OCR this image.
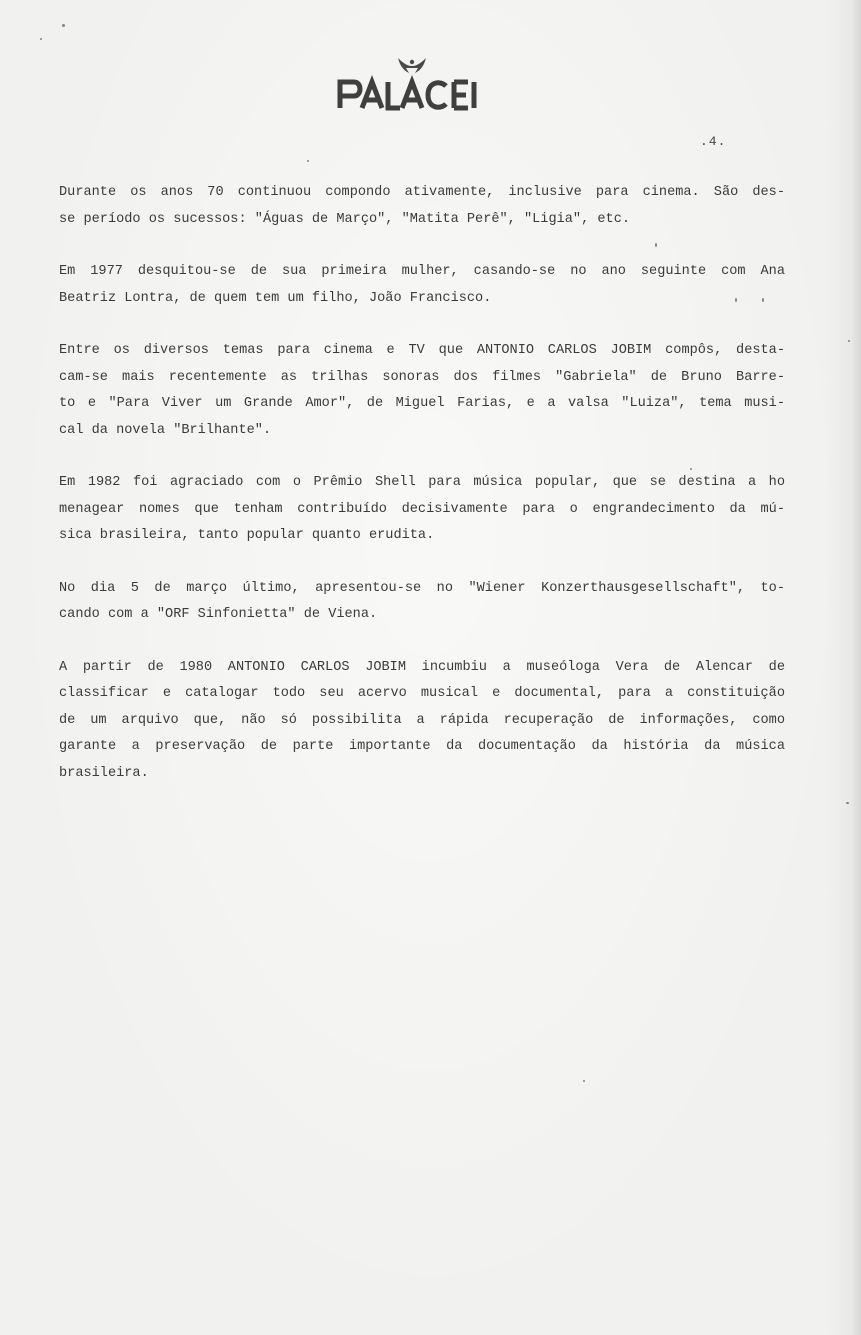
.4.
Durante os anos 70 continuou compondo ativamente, inclusive para cinema. São des-
se período os sucessos: "Águas de Março", "Matita Perê", "Ligia", etc.
Em 1977 desquitou-se de sua primeira mulher, casando-se no ano seguinte com Ana
Beatriz Lontra, de quem tem um filho, João Francisco.
Entre os diversos temas para cinema e TV que ANTONIO CARLOS JOBIM compôs, desta-
cam-se mais recentemente as trilhas sonoras dos filmes "Gabriela" de Bruno Barre-
to e "Para Viver um Grande Amor", de Miguel Farias, e a valsa "Luiza", tema musi-
cal da novela "Brilhante".
Em 1982 foi agraciado com o Prêmio Shell para música popular, que se destina a ho
menagear nomes que tenham contribuído decisivamente para o engrandecimento da mú-
sica brasileira, tanto popular quanto erudita.
No dia 5 de março último, apresentou-se no "Wiener Konzerthausgesellschaft", to-
cando com a "ORF Sinfonietta" de Viena.
A partir de 1980 ANTONIO CARLOS JOBIM incumbiu a museóloga Vera de Alencar de
classificar e catalogar todo seu acervo musical e documental, para a constituição
de um arquivo que, não só possibilita a rápida recuperação de informações, como
garante a preservação de parte importante da documentação da história da música
brasileira.
